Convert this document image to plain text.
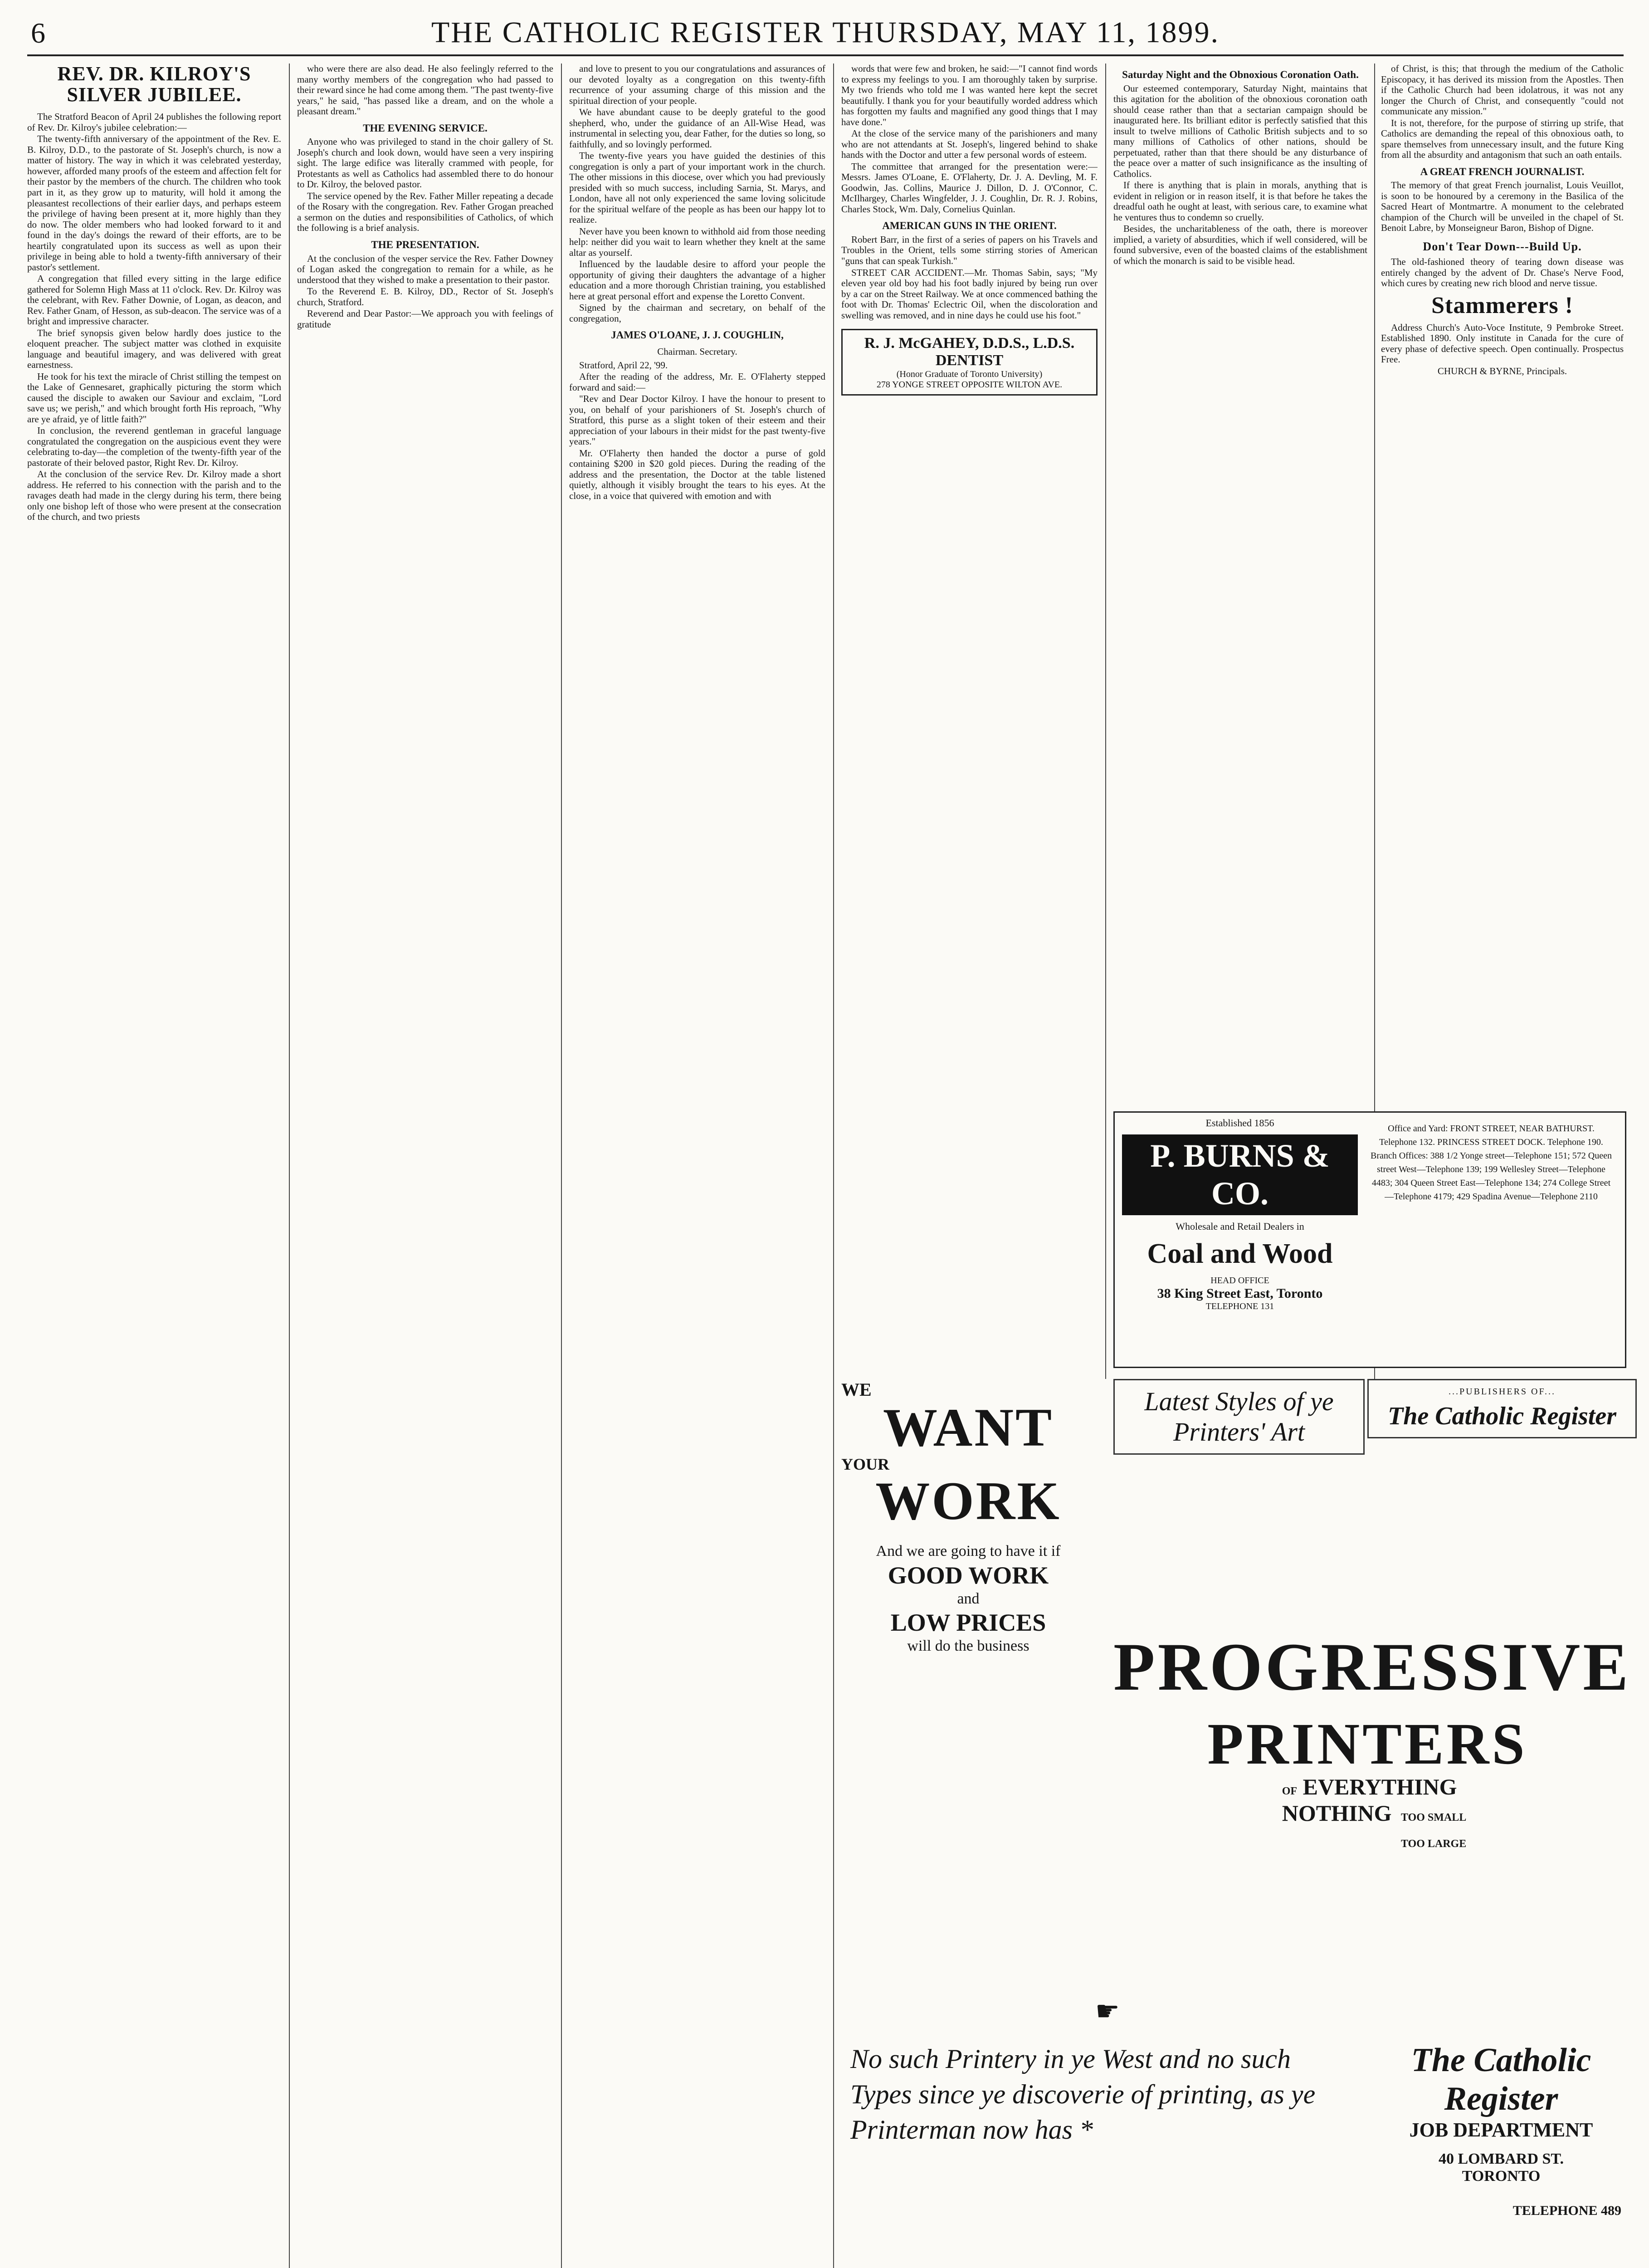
6	THE CATHOLIC REGISTER THURSDAY, MAY 11, 1899.
REV. DR. KILROY'S SILVER JUBILEE.

The Stratford Beacon of April 24 publishes the following report of Rev. Dr. Kilroy's jubilee celebration:—

The twenty-fifth anniversary of the appointment of the Rev. E. B. Kilroy, D.D., to the pastorate of St. Joseph's church, is now a matter of history. The way in which it was celebrated yesterday, however, afforded many proofs of the esteem and affection felt for their pastor by the members of the church. The children who took part in it, as they grow up to maturity, will hold it among the pleasantest recollections of their earlier days, and perhaps esteem the privilege of having been present at it, more highly than they do now. The older members who had looked forward to it and found in the day's doings the reward of their efforts, are to be heartily congratulated upon its success as well as upon their privilege in being able to hold a twenty-fifth anniversary of their pastor's settlement.

A congregation that filled every sitting in the large edifice gathered for Solemn High Mass at 11 o'clock. Rev. Dr. Kilroy was the celebrant, with Rev. Father Downie, of Logan, as deacon, and Rev. Father Gnam, of Hesson, as sub-deacon. The service was of a bright and impressive character.

The brief synopsis given below hardly does justice to the eloquent preacher. The subject matter was clothed in exquisite language and beautiful imagery, and was delivered with great earnestness.

He took for his text the miracle of Christ stilling the tempest on the Lake of Gennesaret, graphically picturing the storm which caused the disciple to awaken our Saviour and exclaim, "Lord save us; we perish," and which brought forth His reproach, "Why are ye afraid, ye of little faith?"

In conclusion, the reverend gentleman in graceful language congratulated the congregation on the auspicious event they were celebrating to-day—the completion of the twenty-fifth year of the pastorate of their beloved pastor, Right Rev. Dr. Kilroy.

At the conclusion of the service Rev. Dr. Kilroy made a short address. He referred to his connection with the parish and to the ravages death had made in the clergy during his term, there being only one bishop left of those who were present at the consecration of the church, and two priests

who were there are also dead. He also feelingly referred to the many worthy members of the congregation who had passed to their reward since he had come among them. "The past twenty-five years," he said, "has passed like a dream, and on the whole a pleasant dream."

THE EVENING SERVICE.

Anyone who was privileged to stand in the choir gallery of St. Joseph's church and look down, would have seen a very inspiring sight. The large edifice was literally crammed with people, for Protestants as well as Catholics had assembled there to do honour to Dr. Kilroy, the beloved pastor.

The service opened by the Rev. Father Miller repeating a decade of the Rosary with the congregation. Rev. Father Grogan preached a sermon on the duties and responsibilities of Catholics, of which the following is a brief analysis.

THE PRESENTATION.

At the conclusion of the vesper service the Rev. Father Downey of Logan asked the congregation to remain for a while, as he understood that they wished to make a presentation to their pastor.

To the Reverend E. B. Kilroy, DD., Rector of St. Joseph's church, Stratford.

Reverend and Dear Pastor:—We approach you with feelings of gratitude

and love to present to you our congratulations and assurances of our devoted loyalty as a congregation on this twenty-fifth recurrence of your assuming charge of this mission and the spiritual direction of your people.

We have abundant cause to be deeply grateful to the good shepherd, who, under the guidance of an All-Wise Head, was instrumental in selecting you, dear Father, for the duties so long, so faithfully, and so lovingly performed.

The twenty-five years you have guided the destinies of this congregation is only a part of your important work in the church. The other missions in this diocese, over which you had previously presided with so much success, including Sarnia, St. Marys, and London, have all not only experienced the same loving solicitude for the spiritual welfare of the people as has been our happy lot to realize.

Never have you been known to withhold aid from those needing help: neither did you wait to learn whether they knelt at the same altar as yourself.

Influenced by the laudable desire to afford your people the opportunity of giving their daughters the advantage of a higher education and a more thorough Christian training, you established here at great personal effort and expense the Loretto Convent.

Signed by the chairman and secretary, on behalf of the congregation,

JAMES O'LOANE, J. J. COUGHLIN,
Chairman. Secretary.

Stratford, April 22, '99.

After the reading of the address, Mr. E. O'Flaherty stepped forward and said:—

"Rev and Dear Doctor Kilroy. I have the honour to present to you, on behalf of your parishioners of St. Joseph's church of Stratford, this purse as a slight token of their esteem and their appreciation of your labours in their midst for the past twenty-five years."

Mr. O'Flaherty then handed the doctor a purse of gold containing $200 in $20 gold pieces. During the reading of the address and the presentation, the Doctor at the table listened quietly, although it visibly brought the tears to his eyes. At the close, in a voice that quivered with emotion and with

words that were few and broken, he said:—"I cannot find words to express my feelings to you. I am thoroughly taken by surprise. My two friends who told me I was wanted here kept the secret beautifully. I thank you for your beautifully worded address which has forgotten my faults and magnified any good things that I may have done."

At the close of the service many of the parishioners and many who are not attendants at St. Joseph's, lingered behind to shake hands with the Doctor and utter a few personal words of esteem.

The committee that arranged for the presentation were:—Messrs. James O'Loane, E. O'Flaherty, Dr. J. A. Devling, M. F. Goodwin, Jas. Collins, Maurice J. Dillon, D. J. O'Connor, C. McIlhargey, Charles Wingfelder, J. J. Coughlin, Dr. R. J. Robins, Charles Stock, Wm. Daly, Cornelius Quinlan.

AMERICAN GUNS IN THE ORIENT.

Robert Barr, in the first of a series of papers on his Travels and Troubles in the Orient, tells some stirring stories of American "guns that can speak Turkish."

STREET CAR ACCIDENT.—Mr. Thomas Sabin, says; "My eleven year old boy had his foot badly injured by being run over by a car on the Street Railway. We at once commenced bathing the foot with Dr. Thomas' Eclectric Oil, when the discoloration and swelling was removed, and in nine days he could use his foot."

R. J. McGAHEY, D.D.S., L.D.S.
DENTIST
(Honor Graduate of Toronto University)
278 YONGE STREET OPPOSITE WILTON AVE.
Saturday Night and the Obnoxious Coronation Oath.

Our esteemed contemporary, Saturday Night, maintains that this agitation for the abolition of the obnoxious coronation oath should cease rather than that a sectarian campaign should be inaugurated here. Its brilliant editor is perfectly satisfied that this insult to twelve millions of Catholic British subjects and to so many millions of Catholics of other nations, should be perpetuated, rather than that there should be any disturbance of the peace over a matter of such insignificance as the insulting of Catholics.

If there is anything that is plain in morals, anything that is evident in religion or in reason itself, it is that before he takes the dreadful oath he ought at least, with serious care, to examine what he ventures thus to condemn so cruelly.

Besides, the uncharitableness of the oath, there is moreover implied, a variety of absurdities, which if well considered, will be found subversive, even of the boasted claims of the establishment of which the monarch is said to be visible head.

of Christ, is this; that through the medium of the Catholic Episcopacy, it has derived its mission from the Apostles. Then if the Catholic Church had been idolatrous, it was not any longer the Church of Christ, and consequently "could not communicate any mission."

It is not, therefore, for the purpose of stirring up strife, that Catholics are demanding the repeal of this obnoxious oath, to spare themselves from unnecessary insult, and the future King from all the absurdity and antagonism that such an oath entails.

A GREAT FRENCH JOURNALIST.

The memory of that great French journalist, Louis Veuillot, is soon to be honoured by a ceremony in the Basilica of the Sacred Heart of Montmartre. A monument to the celebrated champion of the Church will be unveiled in the chapel of St. Benoit Labre, by Monseigneur Baron, Bishop of Digne.

Don't Tear Down---Build Up.

The old-fashioned theory of tearing down disease was entirely changed by the advent of Dr. Chase's Nerve Food, which cures by creating new rich blood and nerve tissue.

Stammerers !

Address Church's Auto-Voce Institute, 9 Pembroke Street. Established 1890. Only institute in Canada for the cure of every phase of defective speech. Open continually. Prospectus Free.

CHURCH & BYRNE, Principals.

Established 1856
P. BURNS & CO.
Wholesale and Retail Dealers in
Coal and Wood
HEAD OFFICE
38 King Street East, Toronto
TELEPHONE 131
Office and Yard: FRONT STREET, NEAR BATHURST. Telephone 132. PRINCESS STREET DOCK. Telephone 190. Branch Offices: 388 1/2 Yonge street—Telephone 151; 572 Queen street West—Telephone 139; 199 Wellesley Street—Telephone 4483; 304 Queen Street East—Telephone 134; 274 College Street—Telephone 4179; 429 Spadina Avenue—Telephone 2110
WE
WANT
YOUR
WORK
And we are going to have it if
GOOD WORK
and
LOW PRICES
will do the business
Latest Styles of ye Printers' Art
...PUBLISHERS OF...
The Catholic Register
PROGRESSIVE
PRINTERS
OF EVERYTHING
NOTHING TOO SMALL
TOO LARGE
☛
No such Printery in ye West and no such Types since ye discoverie of printing, as ye Printerman now has *
The Catholic Register
JOB DEPARTMENT
40 LOMBARD ST.
TORONTO
TELEPHONE 489
